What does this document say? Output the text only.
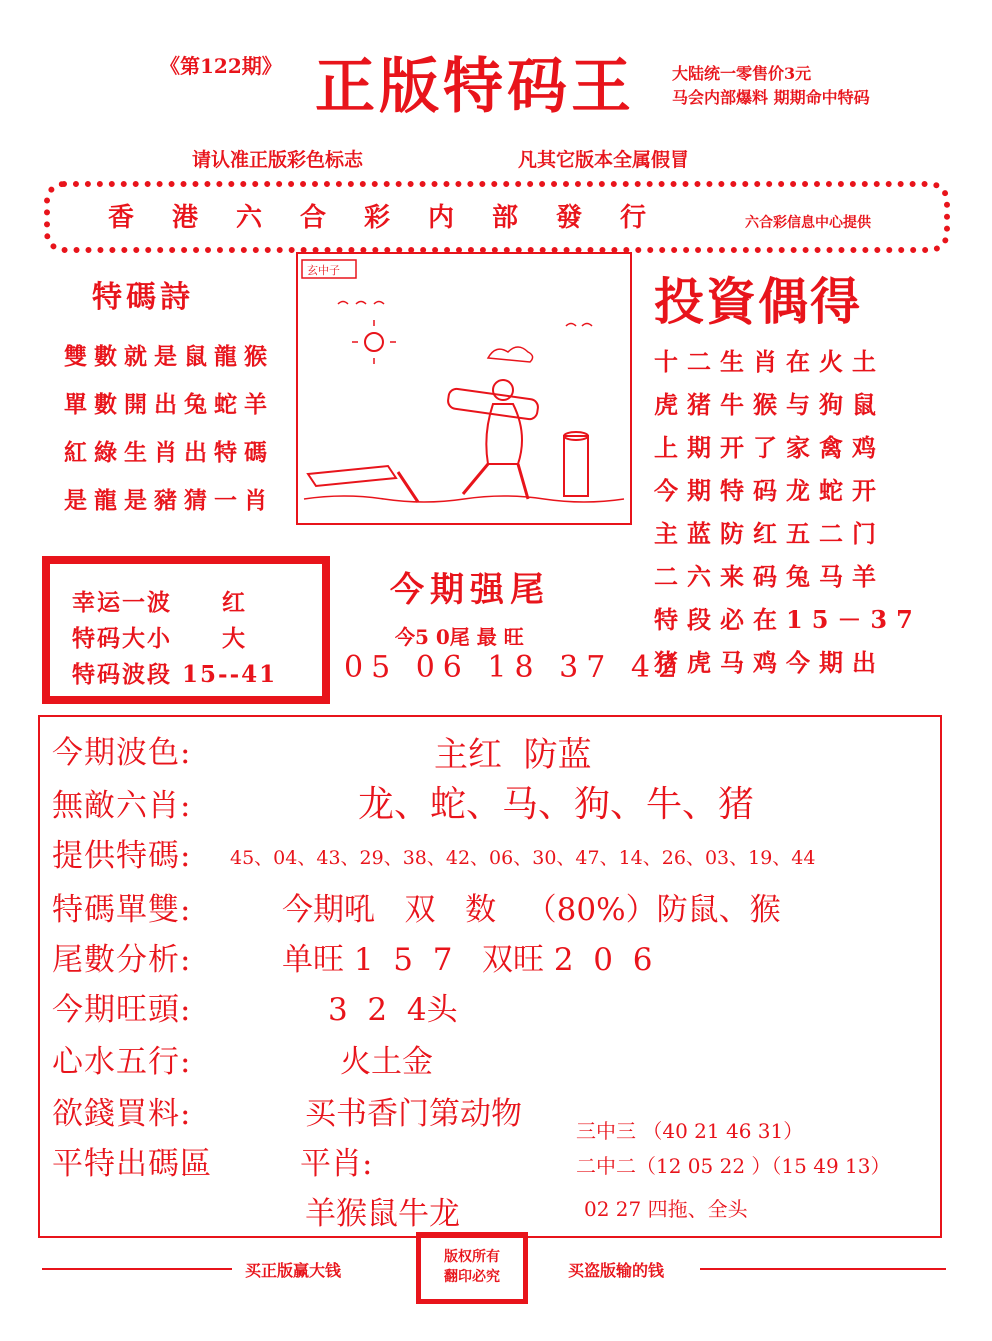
《第122期》 正版特码王 大陆统一零售价3元
马会内部爆料 期期命中特码
请认准正版彩色标志	凡其它版本全属假冒
香港六合彩内部發行	六合彩信息中心提供
特碼詩
雙數就是鼠龍猴
單數開出兔蛇羊
紅綠生肖出特碼
是龍是豬猜一肖
玄中子
投資偶得
十二生肖在火土
虎猪牛猴与狗鼠
上期开了家禽鸡
今期特码龙蛇开
主蓝防红五二门
二六来码兔马羊
特段必在15－37
猪虎马鸡今期出
幸运一波 红
特码大小 大
特码波段 15--41
今期强尾
今5 0尾 最 旺
05 06 18 37 42
今期波色:	主红  防蓝
無敵六肖:	龙、蛇、马、狗、牛、猪
提供特碼: 45、04、43、29、38、42、06、30、47、14、26、03、19、44
特碼單雙:	今期吼   双   数   （80%）防鼠、猴
尾數分析:	单旺 1  5  7   双旺 2  0  6
今期旺頭:	3  2  4头
心水五行:	火土金
欲錢買料:	买书香门第动物
平特出碼區	平肖:
羊猴鼠牛龙
三中三 （40 21 46 31）
二中二（12 05 22 ）（15 49 13）
02 27 四拖、全头
买正版赢大钱
版权所有
翻印必究	买盗版输的钱
